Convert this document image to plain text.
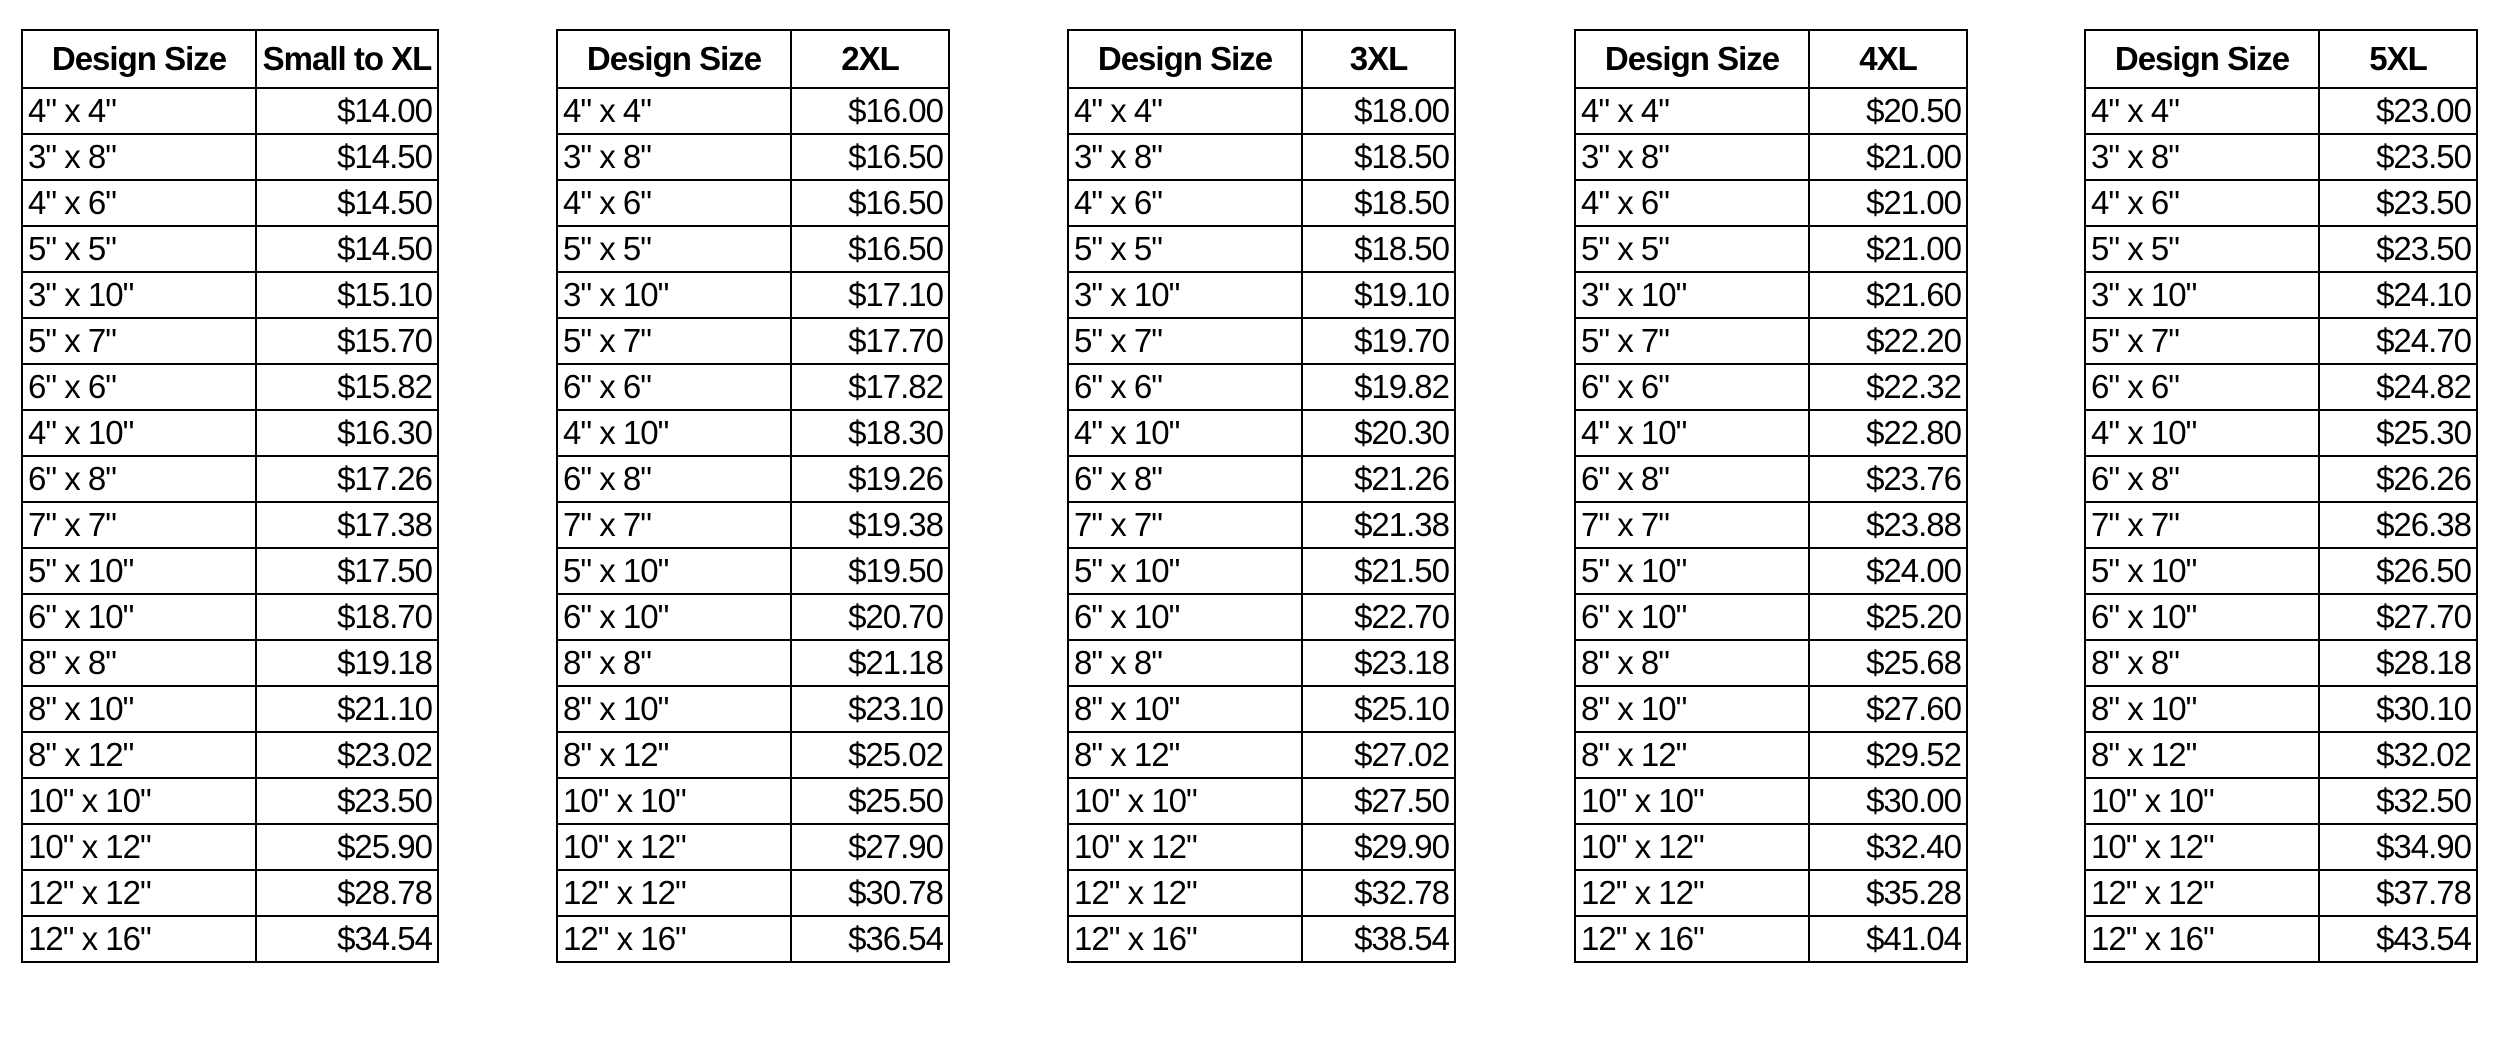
Design Size	Small to XL
4" x 4"	$14.00
3" x 8"	$14.50
4" x 6"	$14.50
5" x 5"	$14.50
3" x 10"	$15.10
5" x 7"	$15.70
6" x 6"	$15.82
4" x 10"	$16.30
6" x 8"	$17.26
7" x 7"	$17.38
5" x 10"	$17.50
6" x 10"	$18.70
8" x 8"	$19.18
8" x 10"	$21.10
8" x 12"	$23.02
10" x 10"	$23.50
10" x 12"	$25.90
12" x 12"	$28.78
12" x 16"	$34.54
Design Size	2XL
4" x 4"	$16.00
3" x 8"	$16.50
4" x 6"	$16.50
5" x 5"	$16.50
3" x 10"	$17.10
5" x 7"	$17.70
6" x 6"	$17.82
4" x 10"	$18.30
6" x 8"	$19.26
7" x 7"	$19.38
5" x 10"	$19.50
6" x 10"	$20.70
8" x 8"	$21.18
8" x 10"	$23.10
8" x 12"	$25.02
10" x 10"	$25.50
10" x 12"	$27.90
12" x 12"	$30.78
12" x 16"	$36.54
Design Size	3XL
4" x 4"	$18.00
3" x 8"	$18.50
4" x 6"	$18.50
5" x 5"	$18.50
3" x 10"	$19.10
5" x 7"	$19.70
6" x 6"	$19.82
4" x 10"	$20.30
6" x 8"	$21.26
7" x 7"	$21.38
5" x 10"	$21.50
6" x 10"	$22.70
8" x 8"	$23.18
8" x 10"	$25.10
8" x 12"	$27.02
10" x 10"	$27.50
10" x 12"	$29.90
12" x 12"	$32.78
12" x 16"	$38.54
Design Size	4XL
4" x 4"	$20.50
3" x 8"	$21.00
4" x 6"	$21.00
5" x 5"	$21.00
3" x 10"	$21.60
5" x 7"	$22.20
6" x 6"	$22.32
4" x 10"	$22.80
6" x 8"	$23.76
7" x 7"	$23.88
5" x 10"	$24.00
6" x 10"	$25.20
8" x 8"	$25.68
8" x 10"	$27.60
8" x 12"	$29.52
10" x 10"	$30.00
10" x 12"	$32.40
12" x 12"	$35.28
12" x 16"	$41.04
Design Size	5XL
4" x 4"	$23.00
3" x 8"	$23.50
4" x 6"	$23.50
5" x 5"	$23.50
3" x 10"	$24.10
5" x 7"	$24.70
6" x 6"	$24.82
4" x 10"	$25.30
6" x 8"	$26.26
7" x 7"	$26.38
5" x 10"	$26.50
6" x 10"	$27.70
8" x 8"	$28.18
8" x 10"	$30.10
8" x 12"	$32.02
10" x 10"	$32.50
10" x 12"	$34.90
12" x 12"	$37.78
12" x 16"	$43.54
